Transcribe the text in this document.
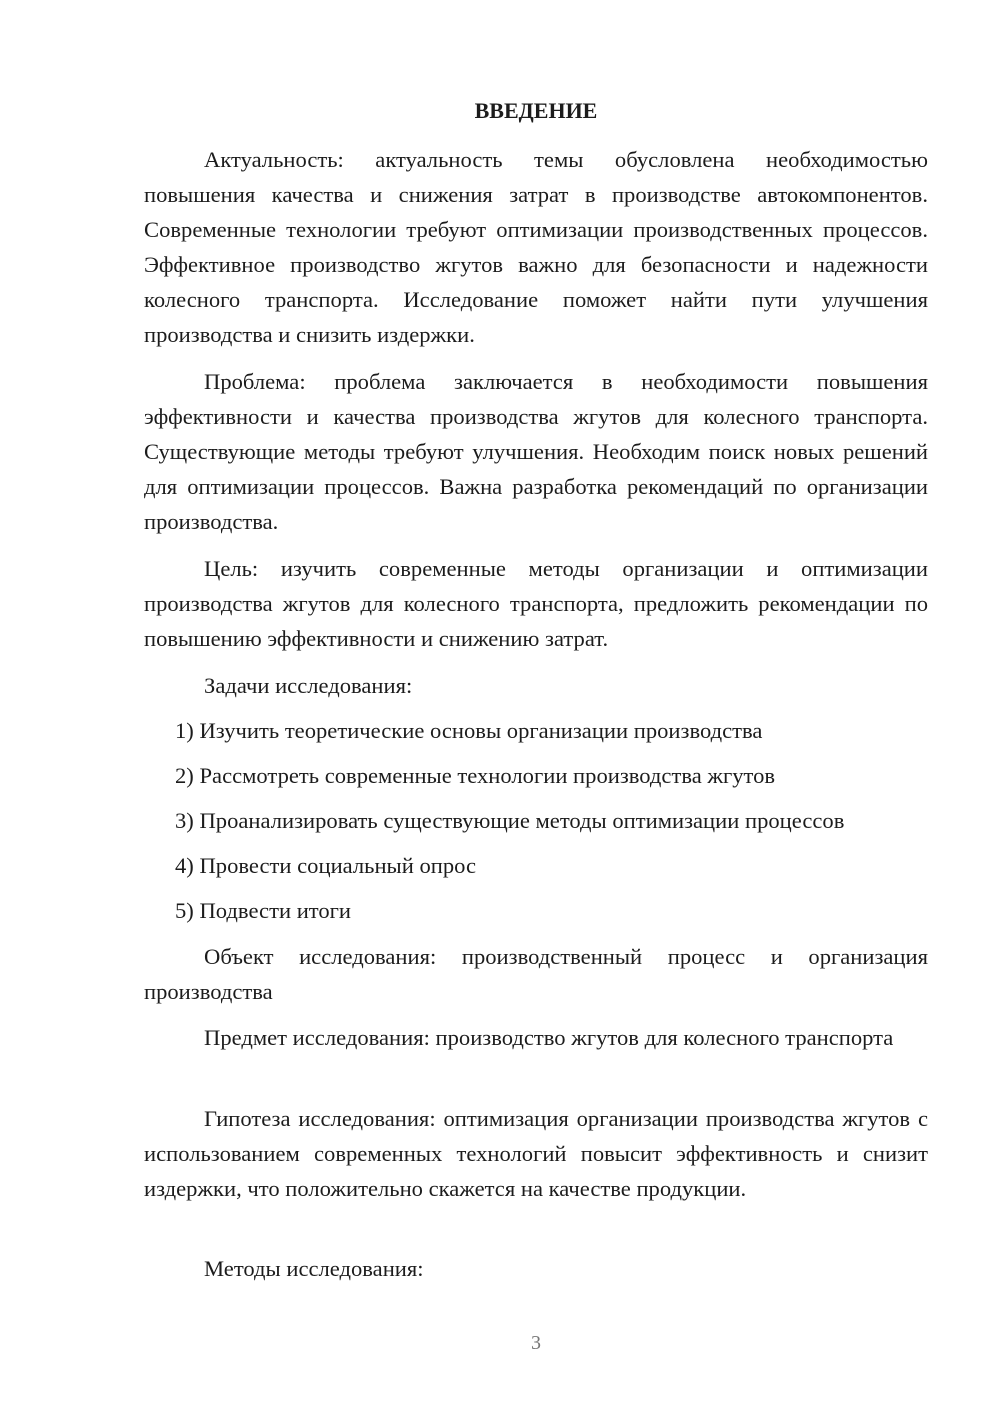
ВВЕДЕНИЕ

Актуальность: актуальность темы обусловлена необходимостью повышения качества и снижения затрат в производстве автокомпонентов. Современные технологии требуют оптимизации производственных процессов. Эффективное производство жгутов важно для безопасности и надежности колесного транспорта. Исследование поможет найти пути улучшения производства и снизить издержки.

Проблема: проблема заключается в необходимости повышения эффективности и качества производства жгутов для колесного транспорта. Существующие методы требуют улучшения. Необходим поиск новых решений для оптимизации процессов. Важна разработка рекомендаций по организации производства.

Цель: изучить современные методы организации и оптимизации производства жгутов для колесного транспорта, предложить рекомендации по повышению эффективности и снижению затрат.

Задачи исследования:

1) Изучить теоретические основы организации производства

2) Рассмотреть современные технологии производства жгутов

3) Проанализировать существующие методы оптимизации процессов

4) Провести социальный опрос

5) Подвести итоги

Объект исследования: производственный процесс и организация производства

Предмет исследования: производство жгутов для колесного транспорта

Гипотеза исследования: оптимизация организации производства жгутов с использованием современных технологий повысит эффективность и снизит издержки, что положительно скажется на качестве продукции.

Методы исследования:

3
